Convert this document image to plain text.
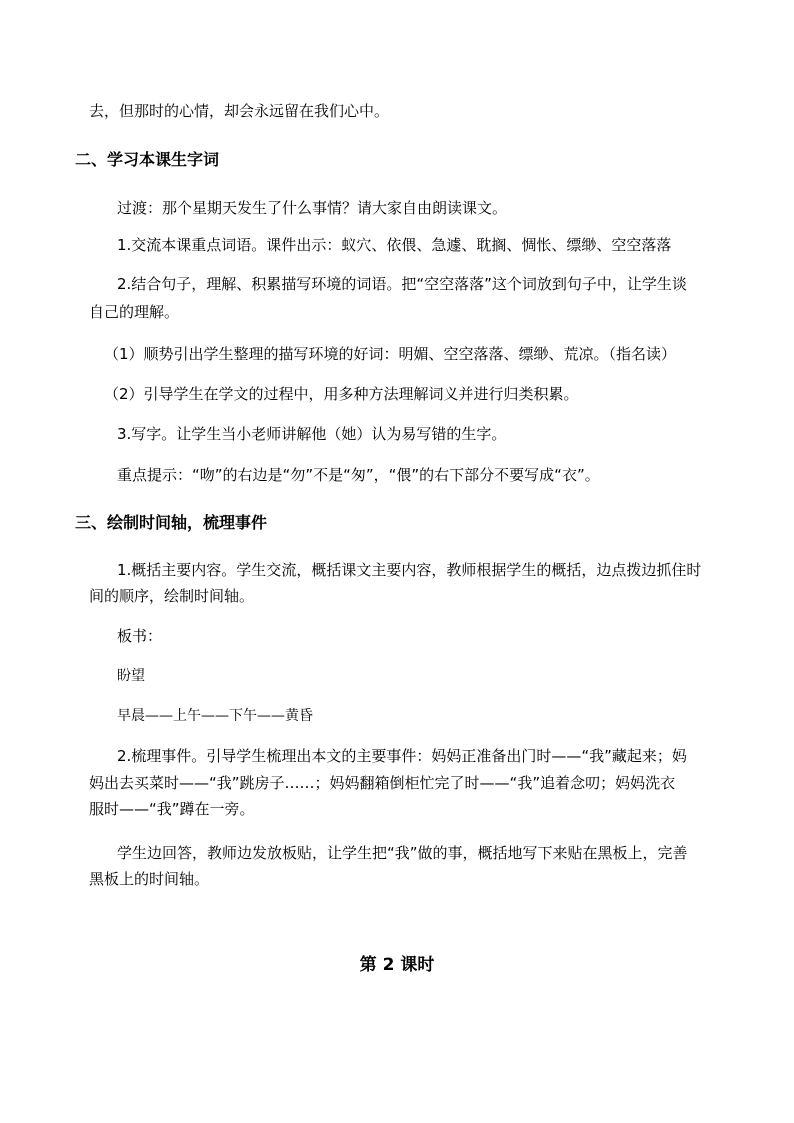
去，但那时的心情，却会永远留在我们心中。
二、学习本课生字词
过渡：那个星期天发生了什么事情？请大家自由朗读课文。
1.交流本课重点词语。课件出示：蚁穴、依偎、急遽、耽搁、惆怅、缥缈、空空落落
2.结合句子，理解、积累描写环境的词语。把“空空落落”这个词放到句子中，让学生谈
自己的理解。
（1）顺势引出学生整理的描写环境的好词：明媚、空空落落、缥缈、荒凉。（指名读）
（2）引导学生在学文的过程中，用多种方法理解词义并进行归类积累。
3.写字。让学生当小老师讲解他（她）认为易写错的生字。
重点提示：“吻”的右边是“勿”不是“匆”，“偎”的右下部分不要写成“衣”。
三、绘制时间轴，梳理事件
1.概括主要内容。学生交流，概括课文主要内容，教师根据学生的概括，边点拨边抓住时
间的顺序，绘制时间轴。
板书：
盼望
早晨——上午——下午——黄昏
2.梳理事件。引导学生梳理出本文的主要事件：妈妈正准备出门时——“我”藏起来；妈
妈出去买菜时——“我”跳房子……；妈妈翻箱倒柜忙完了时——“我”追着念叨；妈妈洗衣
服时——“我”蹲在一旁。
学生边回答，教师边发放板贴，让学生把“我”做的事，概括地写下来贴在黑板上，完善
黑板上的时间轴。
第 2 课时
